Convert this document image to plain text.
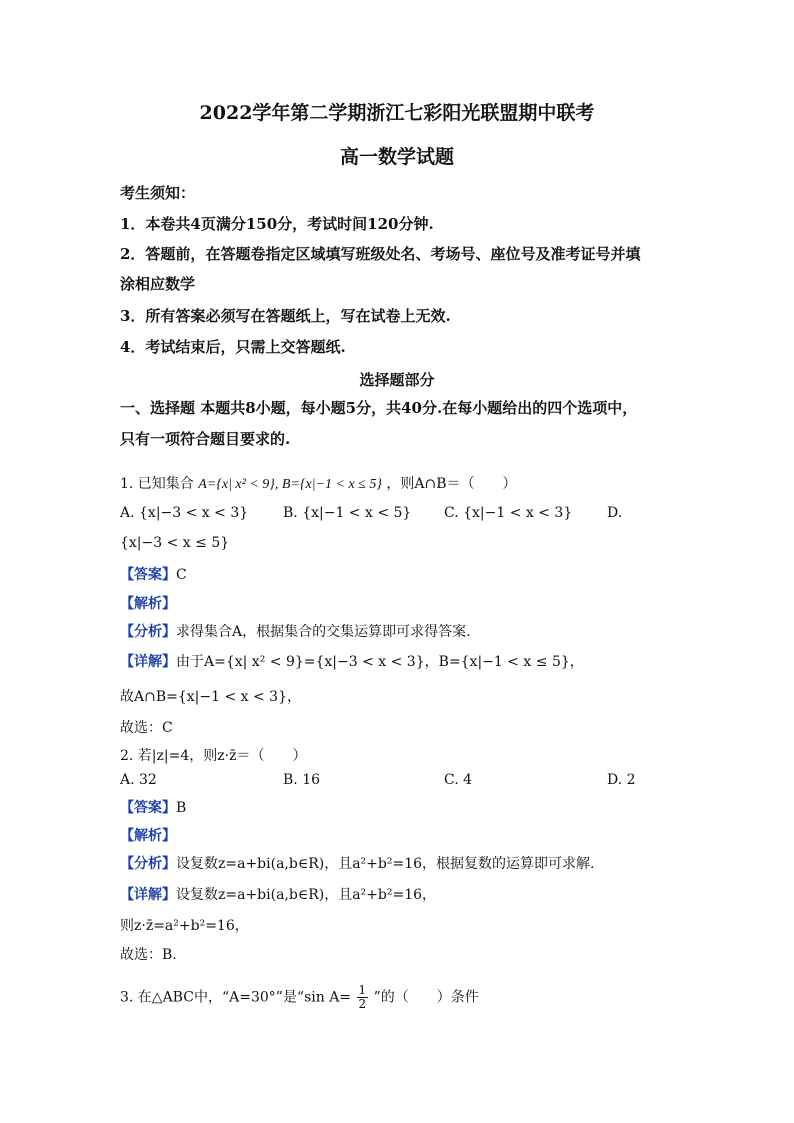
2022学年第二学期浙江七彩阳光联盟期中联考
高一数学试题
考生须知：
1．本卷共4页满分150分，考试时间120分钟.
2．答题前，在答题卷指定区域填写班级处名、考场号、座位号及准考证号并填
涂相应数学
3．所有答案必须写在答题纸上，写在试卷上无效.
4．考试结束后，只需上交答题纸.
选择题部分
一、选择题 本题共8小题，每小题5分，共40分.在每小题给出的四个选项中，
只有一项符合题目要求的.
1. 已知集合 A={x| x² < 9}, B={x|−1 < x ≤ 5} ，则A∩B＝（　　）
A. {x|−3 < x < 3} B. {x|−1 < x < 5} C. {x|−1 < x < 3} D.
{x|−3 < x ≤ 5}
【答案】C
【解析】
【分析】求得集合A，根据集合的交集运算即可求得答案.
【详解】由于A={x| x² < 9}={x|−3 < x < 3}，B={x|−1 < x ≤ 5}，
故A∩B={x|−1 < x < 3}，
故选：C
2. 若|z|=4，则z·z̄＝（　　）
A. 32	B. 16	C. 4	D. 2
【答案】B
【解析】
【分析】设复数z=a+bi(a,b∈R)，且a²+b²=16，根据复数的运算即可求解.
【详解】设复数z=a+bi(a,b∈R)，且a²+b²=16，
则z·z̄=a²+b²=16，
故选：B.
3. 在△ABC中，“A=30°”是“sin $A= \frac{1}{2}$ ”的（　　）条件
